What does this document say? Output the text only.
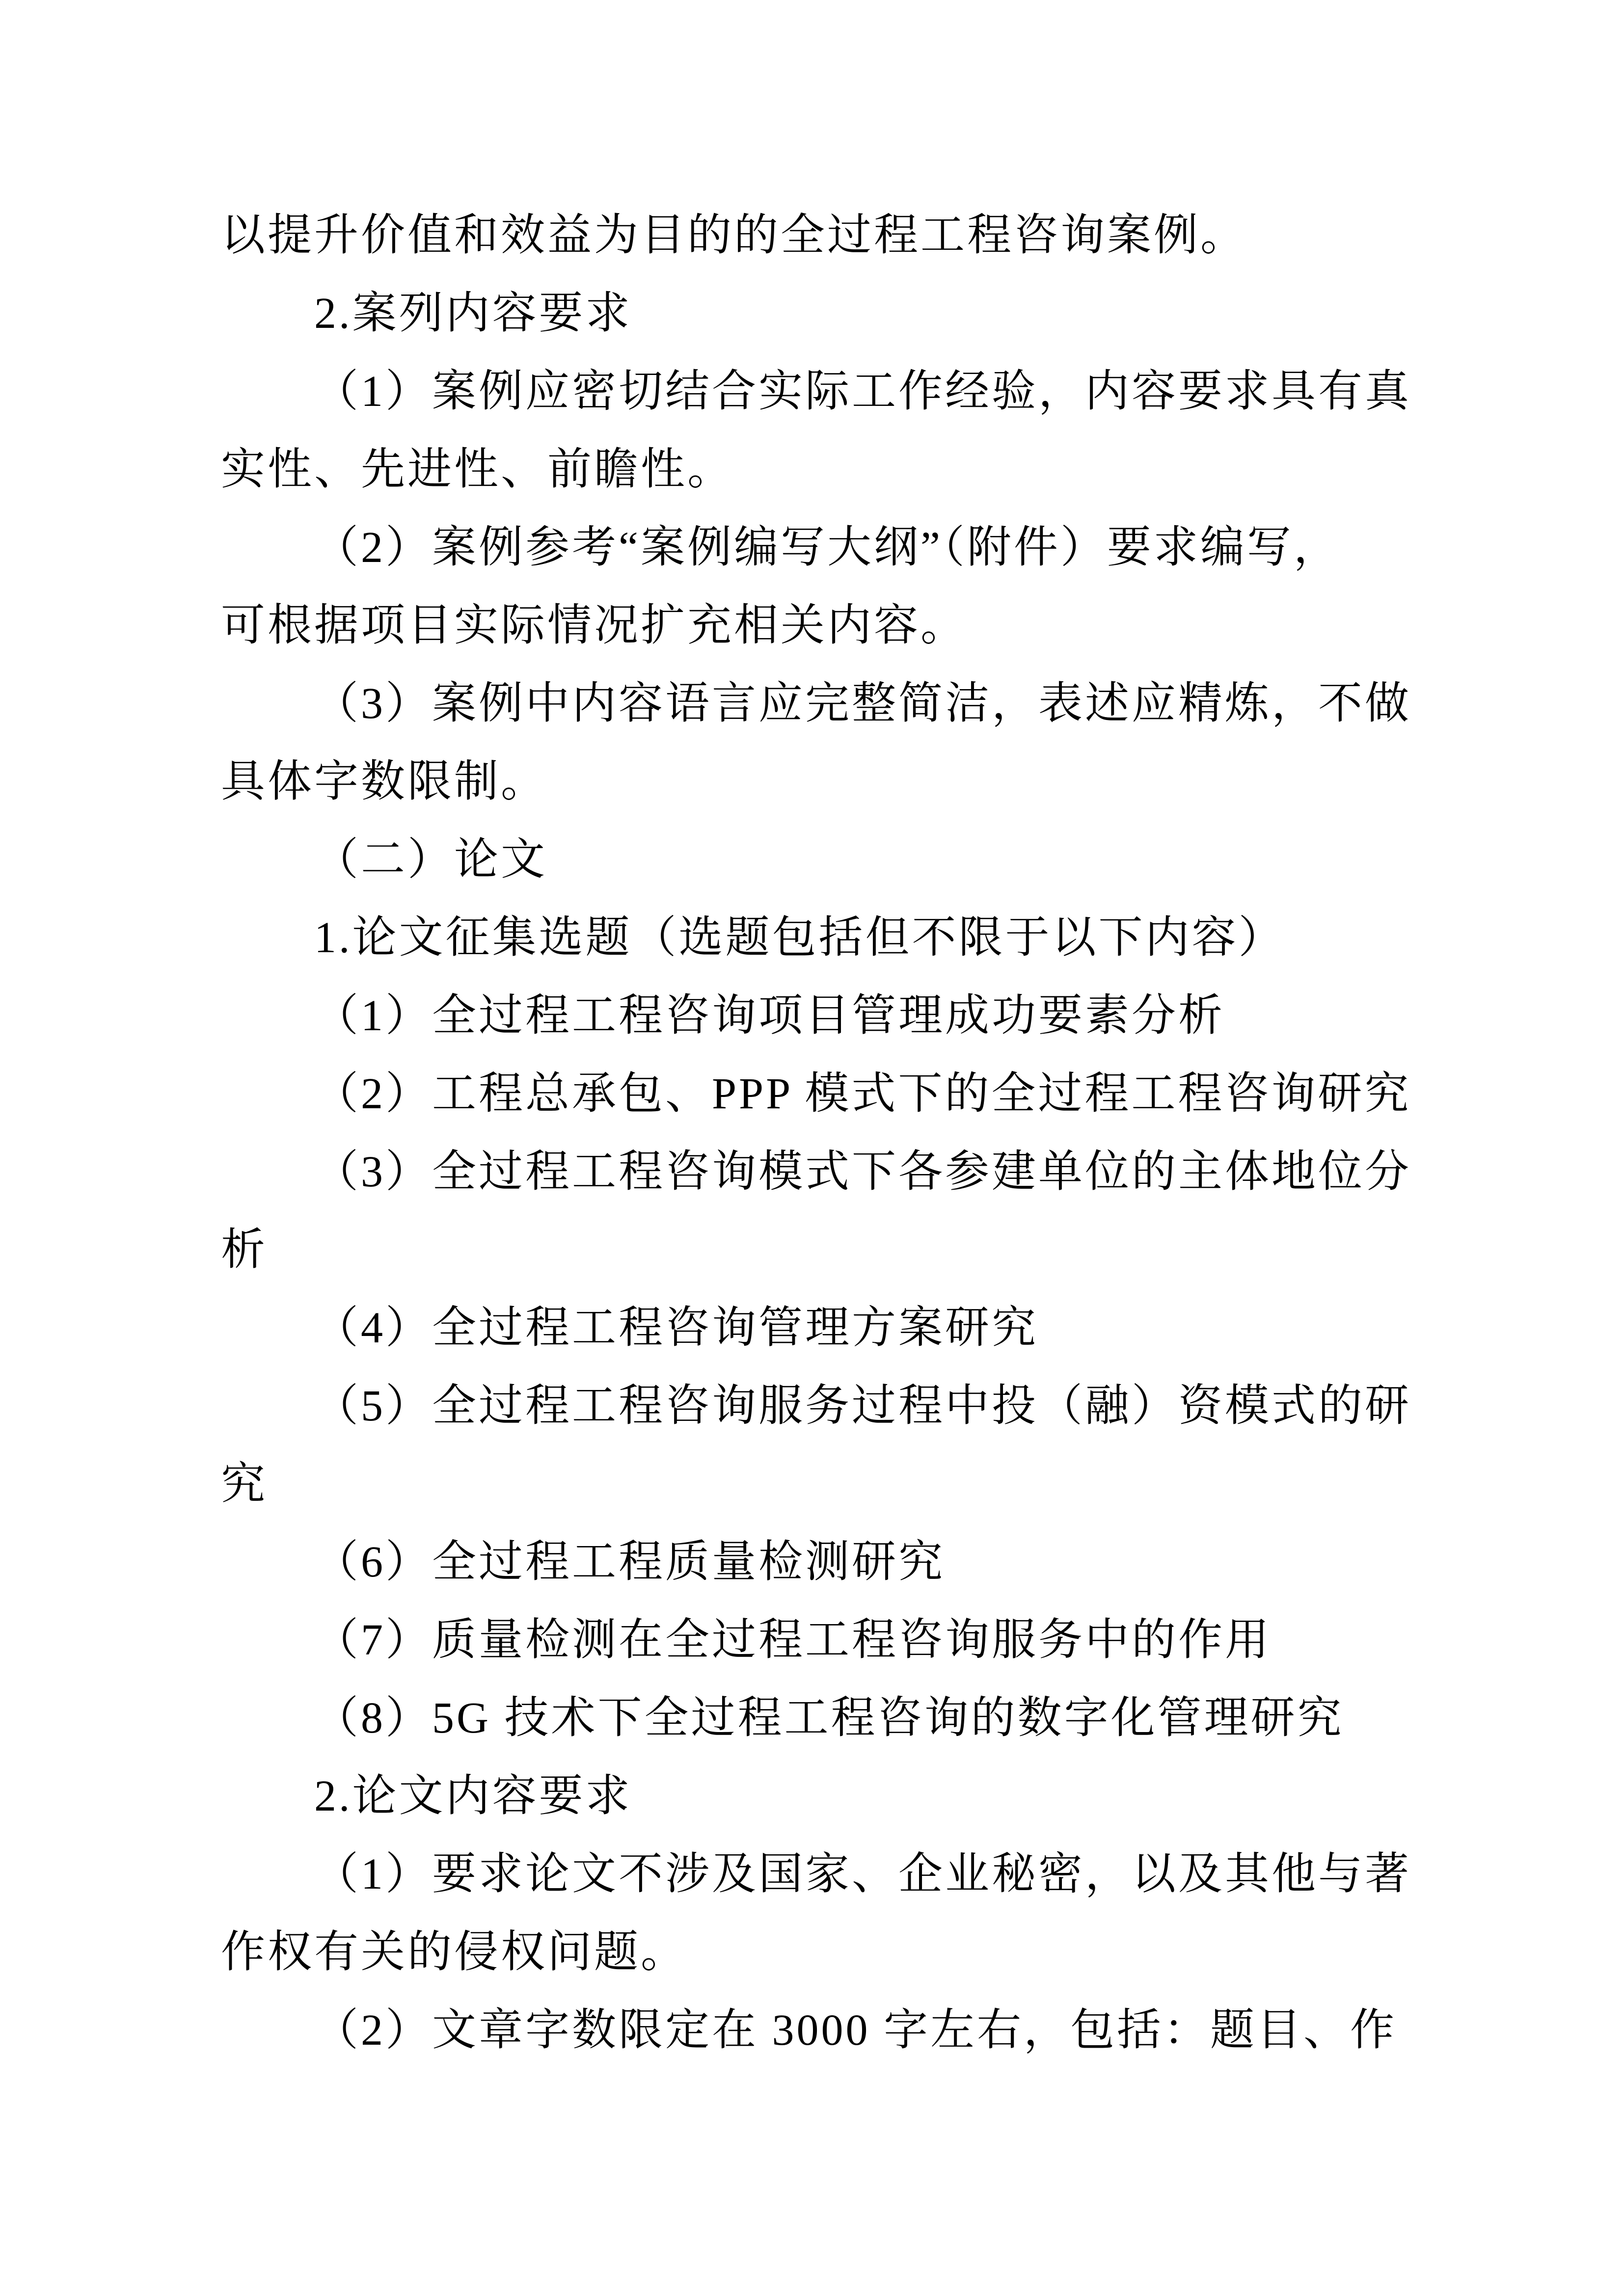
以提升价值和效益为目的的全过程工程咨询案例。
2.案列内容要求
（1）案例应密切结合实际工作经验，内容要求具有真
实性、先进性、前瞻性。
（2）案例参考“案例编写大纲”（附件）要求编写，
可根据项目实际情况扩充相关内容。
（3）案例中内容语言应完整简洁，表述应精炼，不做
具体字数限制。
（二）论文
1.论文征集选题（选题包括但不限于以下内容）
（1）全过程工程咨询项目管理成功要素分析
（2）工程总承包、PPP 模式下的全过程工程咨询研究
（3）全过程工程咨询模式下各参建单位的主体地位分
析
（4）全过程工程咨询管理方案研究
（5）全过程工程咨询服务过程中投（融）资模式的研
究
（6）全过程工程质量检测研究
（7）质量检测在全过程工程咨询服务中的作用
（8）5G 技术下全过程工程咨询的数字化管理研究
2.论文内容要求
（1）要求论文不涉及国家、企业秘密，以及其他与著
作权有关的侵权问题。
（2）文章字数限定在 3000 字左右，包括：题目、作
